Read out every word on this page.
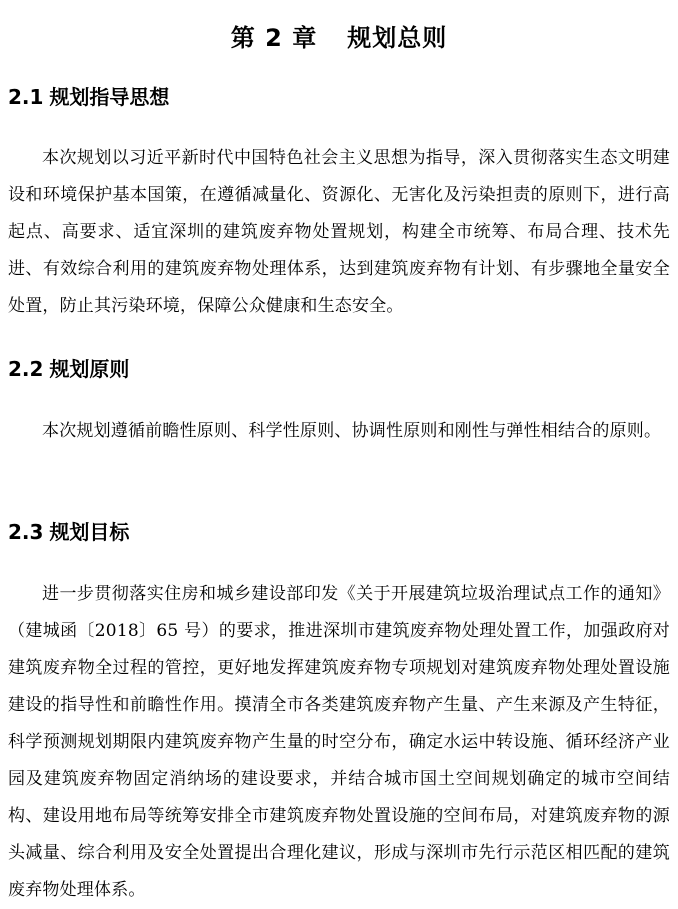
第 2 章 规划总则
2.1 规划指导思想

本次规划以习近平新时代中国特色社会主义思想为指导，深入贯彻落实生态文明建设和环境保护基本国策，在遵循减量化、资源化、无害化及污染担责的原则下，进行高起点、高要求、适宜深圳的建筑废弃物处置规划，构建全市统筹、布局合理、技术先进、有效综合利用的建筑废弃物处理体系，达到建筑废弃物有计划、有步骤地全量安全处置，防止其污染环境，保障公众健康和生态安全。

2.2 规划原则

本次规划遵循前瞻性原则、科学性原则、协调性原则和刚性与弹性相结合的原则。

2.3 规划目标

进一步贯彻落实住房和城乡建设部印发《关于开展建筑垃圾治理试点工作的通知》（建城函〔2018〕65 号）的要求，推进深圳市建筑废弃物处理处置工作，加强政府对建筑废弃物全过程的管控，更好地发挥建筑废弃物专项规划对建筑废弃物处理处置设施建设的指导性和前瞻性作用。摸清全市各类建筑废弃物产生量、产生来源及产生特征，科学预测规划期限内建筑废弃物产生量的时空分布，确定水运中转设施、循环经济产业园及建筑废弃物固定消纳场的建设要求，并结合城市国土空间规划确定的城市空间结构、建设用地布局等统筹安排全市建筑废弃物处置设施的空间布局，对建筑废弃物的源头减量、综合利用及安全处置提出合理化建议，形成与深圳市先行示范区相匹配的建筑废弃物处理体系。
